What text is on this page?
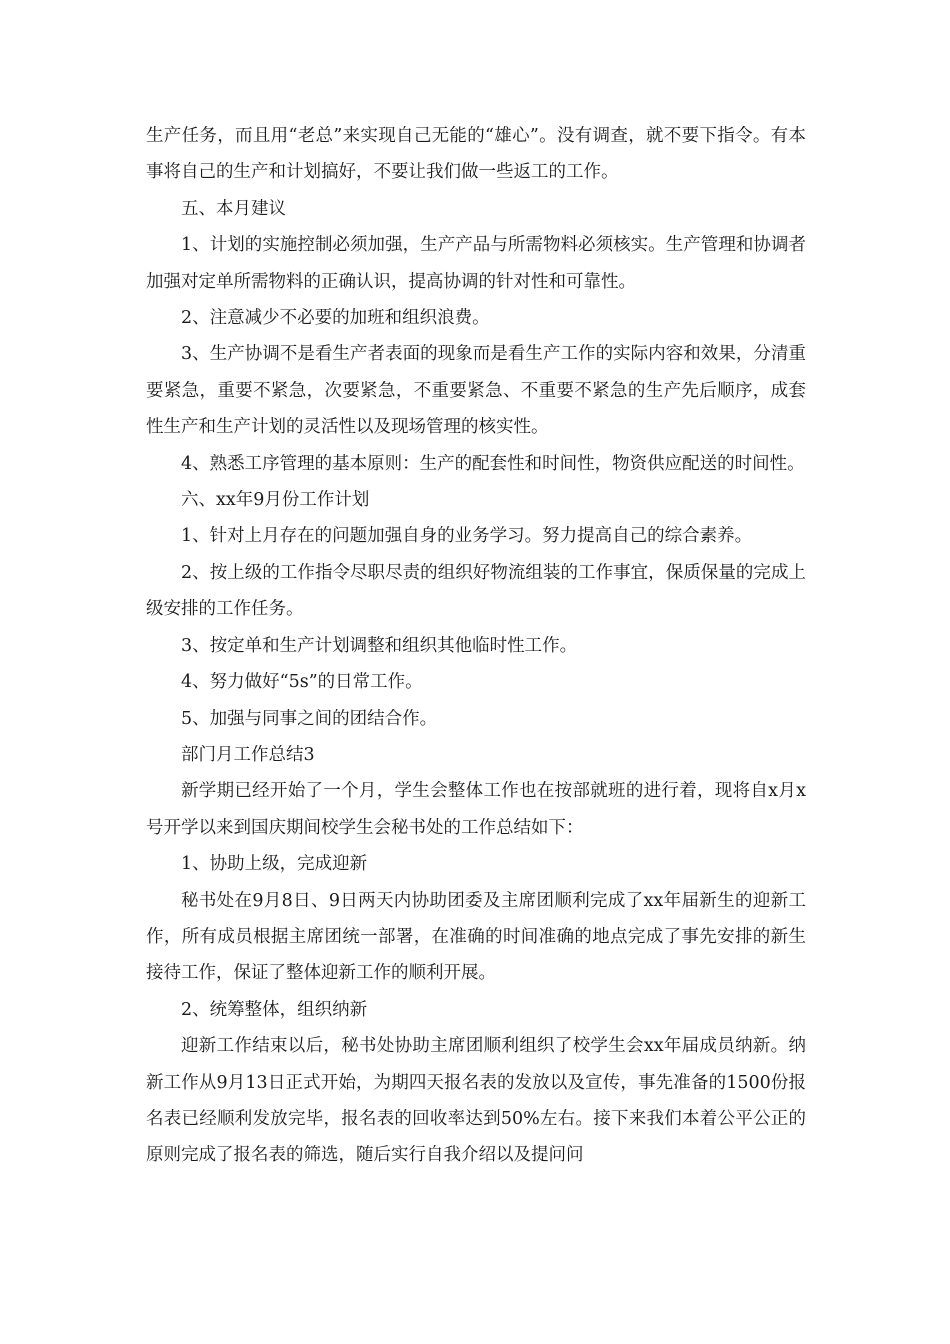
生产任务，而且用“老总”来实现自己无能的“雄心”。没有调查，就不要下指令。有本事将自己的生产和计划搞好，不要让我们做一些返工的工作。

五、本月建议

1、计划的实施控制必须加强，生产产品与所需物料必须核实。生产管理和协调者加强对定单所需物料的正确认识，提高协调的针对性和可靠性。

2、注意减少不必要的加班和组织浪费。

3、生产协调不是看生产者表面的现象而是看生产工作的实际内容和效果，分清重要紧急，重要不紧急，次要紧急，不重要紧急、不重要不紧急的生产先后顺序，成套性生产和生产计划的灵活性以及现场管理的核实性。

4、熟悉工序管理的基本原则：生产的配套性和时间性，物资供应配送的时间性。

六、xx年9月份工作计划

1、针对上月存在的问题加强自身的业务学习。努力提高自己的综合素养。

2、按上级的工作指令尽职尽责的组织好物流组装的工作事宜，保质保量的完成上级安排的工作任务。

3、按定单和生产计划调整和组织其他临时性工作。

4、努力做好“5s”的日常工作。

5、加强与同事之间的团结合作。

部门月工作总结3

新学期已经开始了一个月，学生会整体工作也在按部就班的进行着，现将自x月x号开学以来到国庆期间校学生会秘书处的工作总结如下：

1、协助上级，完成迎新

秘书处在9月8日、9日两天内协助团委及主席团顺利完成了xx年届新生的迎新工作，所有成员根据主席团统一部署，在准确的时间准确的地点完成了事先安排的新生接待工作，保证了整体迎新工作的顺利开展。

2、统筹整体，组织纳新

迎新工作结束以后，秘书处协助主席团顺利组织了校学生会xx年届成员纳新。纳新工作从9月13日正式开始，为期四天报名表的发放以及宣传，事先准备的1500份报名表已经顺利发放完毕，报名表的回收率达到50%左右。接下来我们本着公平公正的原则完成了报名表的筛选，随后实行自我介绍以及提问问
